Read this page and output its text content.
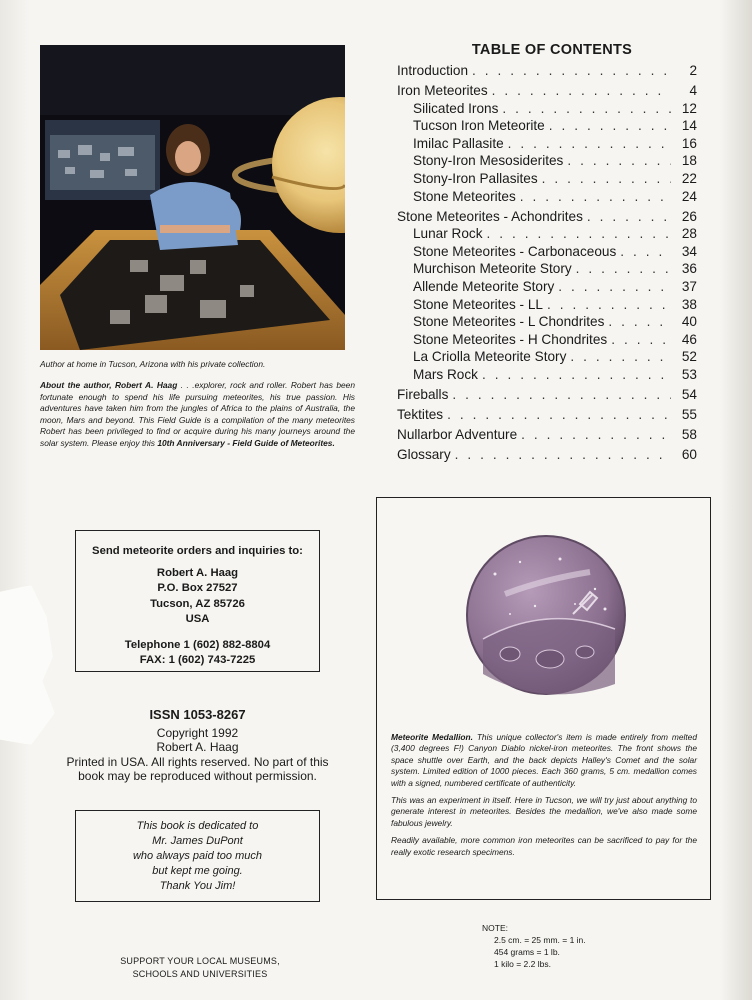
Author at home in Tucson, Arizona with his private collection.
About the author, Robert A. Haag . . .explorer, rock and roller. Robert has been fortunate enough to spend his life pursuing meteorites, his true passion. His adventures have taken him from the jungles of Africa to the plains of Australia, the moon, Mars and beyond. This Field Guide is a compilation of the many meteorites Robert has been privileged to find or acquire during his many journeys around the solar system. Please enjoy this 10th Anniversary - Field Guide of Meteorites.
TABLE OF CONTENTS
Introduction . . .	2
Iron Meteorites . . .	4
Silicated Irons . . .	12
Tucson Iron Meteorite . . .	14
Imilac Pallasite . . .	16
Stony-Iron Mesosiderites . . .	18
Stony-Iron Pallasites . . .	22
Stone Meteorites . . .	24
Stone Meteorites - Achondrites . . .	26
Lunar Rock . . .	28
Stone Meteorites - Carbonaceous . . .	34
Murchison Meteorite Story . . .	36
Allende Meteorite Story . . .	37
Stone Meteorites - LL . . .	38
Stone Meteorites - L Chondrites . . .	40
Stone Meteorites - H Chondrites . . .	46
La Criolla Meteorite Story . . .	52
Mars Rock . . .	53
Fireballs . . .	54
Tektites . . .	55
Nullarbor Adventure . . .	58
Glossary . . .	60
Send meteorite orders and inquiries to:
Robert A. Haag
P.O. Box 27527
Tucson, AZ 85726
USA
Telephone 1 (602) 882-8804
FAX: 1 (602) 743-7225
ISSN 1053-8267
Copyright 1992
Robert A. Haag
Printed in USA. All rights reserved. No part of this
book may be reproduced without permission.
This book is dedicated to
Mr. James DuPont
who always paid too much
but kept me going.
Thank You Jim!
SUPPORT YOUR LOCAL MUSEUMS,
SCHOOLS AND UNIVERSITIES

Meteorite Medallion. This unique collector's item is made entirely from melted (3,400 degrees F!) Canyon Diablo nickel-iron meteorites. The front shows the space shuttle over Earth, and the back depicts Halley's Comet and the solar system. Limited edition of 1000 pieces. Each 360 grams, 5 cm. medallion comes with a signed, numbered certificate of authenticity.

This was an experiment in itself. Here in Tucson, we will try just about anything to generate interest in meteorites. Besides the medallion, we've also made some fabulous jewelry.

Readily available, more common iron meteorites can be sacrificed to pay for the really exotic research specimens.

NOTE:
2.5 cm. = 25 mm. = 1 in.
454 grams = 1 lb.
1 kilo = 2.2 lbs.
